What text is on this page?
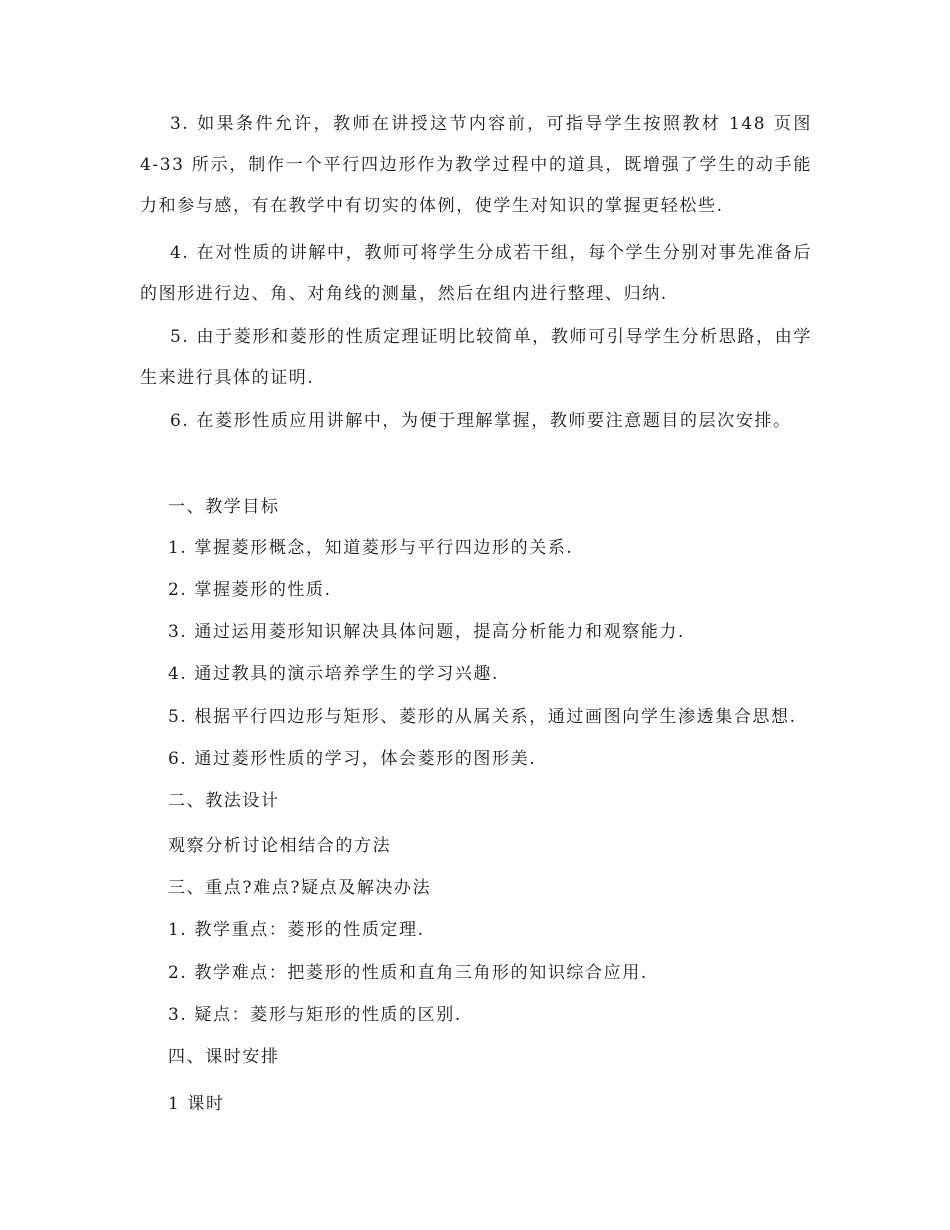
3. 如果条件允许，教师在讲授这节内容前，可指导学生按照教材 148 页图 4-33 所示，制作一个平行四边形作为教学过程中的道具，既增强了学生的动手能力和参与感，有在教学中有切实的体例，使学生对知识的掌握更轻松些.

4. 在对性质的讲解中，教师可将学生分成若干组，每个学生分别对事先准备后的图形进行边、角、对角线的测量，然后在组内进行整理、归纳.

5. 由于菱形和菱形的性质定理证明比较简单，教师可引导学生分析思路，由学生来进行具体的证明.

6. 在菱形性质应用讲解中，为便于理解掌握，教师要注意题目的层次安排。

一、教学目标

1. 掌握菱形概念，知道菱形与平行四边形的关系.

2. 掌握菱形的性质.

3. 通过运用菱形知识解决具体问题，提高分析能力和观察能力.

4. 通过教具的演示培养学生的学习兴趣.

5. 根据平行四边形与矩形、菱形的从属关系，通过画图向学生渗透集合思想.

6. 通过菱形性质的学习，体会菱形的图形美.

二、教法设计

观察分析讨论相结合的方法

三、重点?难点?疑点及解决办法

1. 教学重点：菱形的性质定理.

2. 教学难点：把菱形的性质和直角三角形的知识综合应用.

3. 疑点：菱形与矩形的性质的区别.

四、课时安排

1 课时
